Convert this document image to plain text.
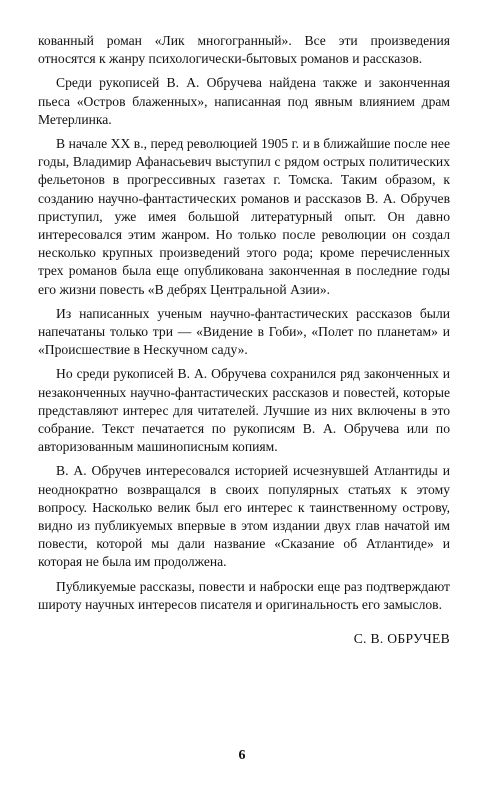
кованный роман «Лик многогранный». Все эти произведения относятся к жанру психологически-бытовых романов и рассказов.

Среди рукописей В. А. Обручева найдена также и законченная пьеса «Остров блаженных», написанная под явным влиянием драм Метерлинка.

В начале XX в., перед революцией 1905 г. и в ближайшие после нее годы, Владимир Афанасьевич выступил с рядом острых политических фельетонов в прогрессивных газетах г. Томска. Таким образом, к созданию научно-фантастических романов и рассказов В. А. Обручев приступил, уже имея большой литературный опыт. Он давно интересовался этим жанром. Но только после революции он создал несколько крупных произведений этого рода; кроме перечисленных трех романов была еще опубликована законченная в последние годы его жизни повесть «В дебрях Центральной Азии».

Из написанных ученым научно-фантастических рассказов были напечатаны только три — «Видение в Гоби», «Полет по планетам» и «Происшествие в Нескучном саду».

Но среди рукописей В. А. Обручева сохранился ряд законченных и незаконченных научно-фантастических рассказов и повестей, которые представляют интерес для читателей. Лучшие из них включены в это собрание. Текст печатается по рукописям В. А. Обручева или по авторизованным машинописным копиям.

В. А. Обручев интересовался историей исчезнувшей Атлантиды и неоднократно возвращался в своих популярных статьях к этому вопросу. Насколько велик был его интерес к таинственному острову, видно из публикуемых впервые в этом издании двух глав начатой им повести, которой мы дали название «Сказание об Атлантиде» и которая не была им продолжена.

Публикуемые рассказы, повести и наброски еще раз подтверждают широту научных интересов писателя и оригинальность его замыслов.

С. В. ОБРУЧЕВ

6
